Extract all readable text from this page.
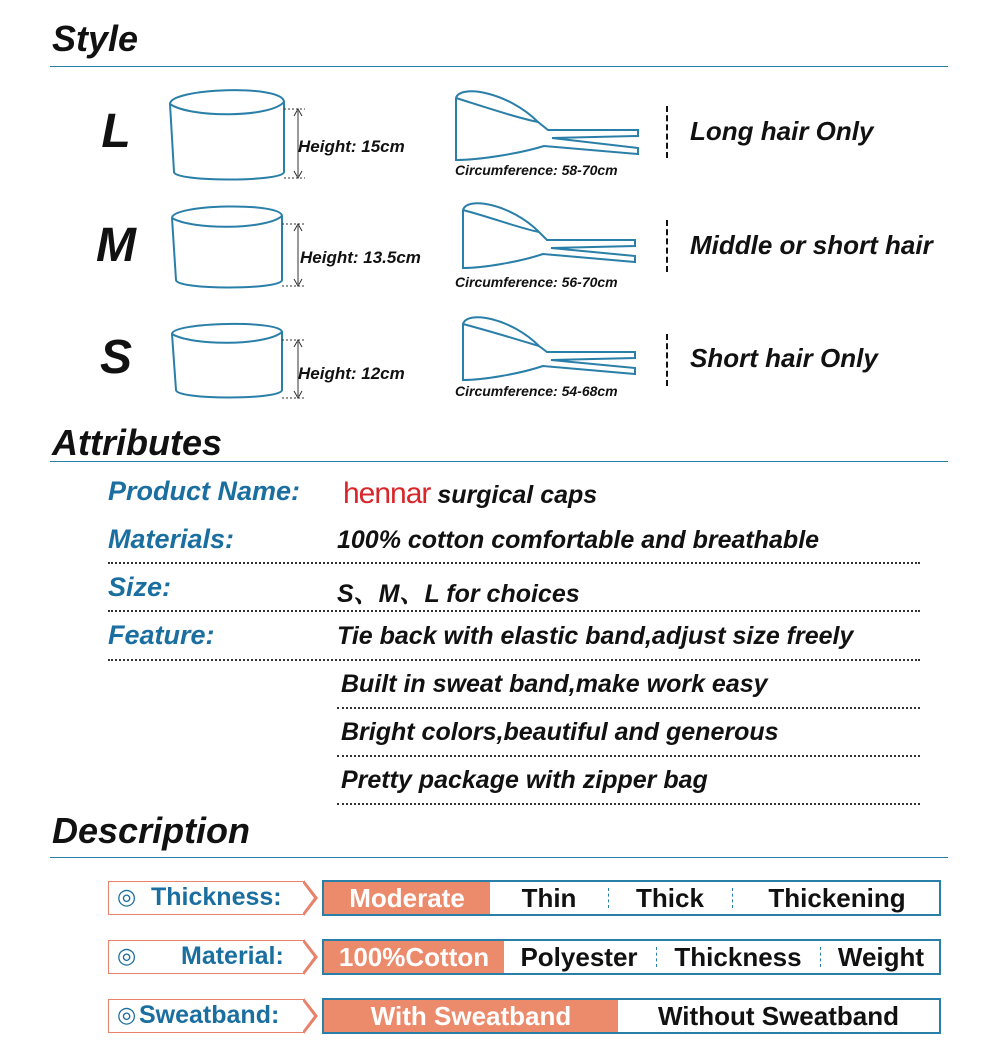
Style
L	Height: 15cm
Circumference: 58-70cm
Long hair Only
M	Height: 13.5cm
Circumference: 56-70cm
Middle or short hair
S	Height: 12cm
Circumference: 54-68cm
Short hair Only
Attributes
Product Name: hennar surgical caps
Materials:	100% cotton comfortable and breathable
Size:	S、M、L for choices
Feature:	Tie back with elastic band,adjust size freely
Built in sweat band,make work easy
Bright colors,beautiful and generous
Pretty package with zipper bag
Description
◎ Thickness:	Moderate	Thin	Thick	Thickening
◎ Material:	100%Cotton	Polyester	Thickness	Weight
◎ Sweatband:	With Sweatband	Without Sweatband
